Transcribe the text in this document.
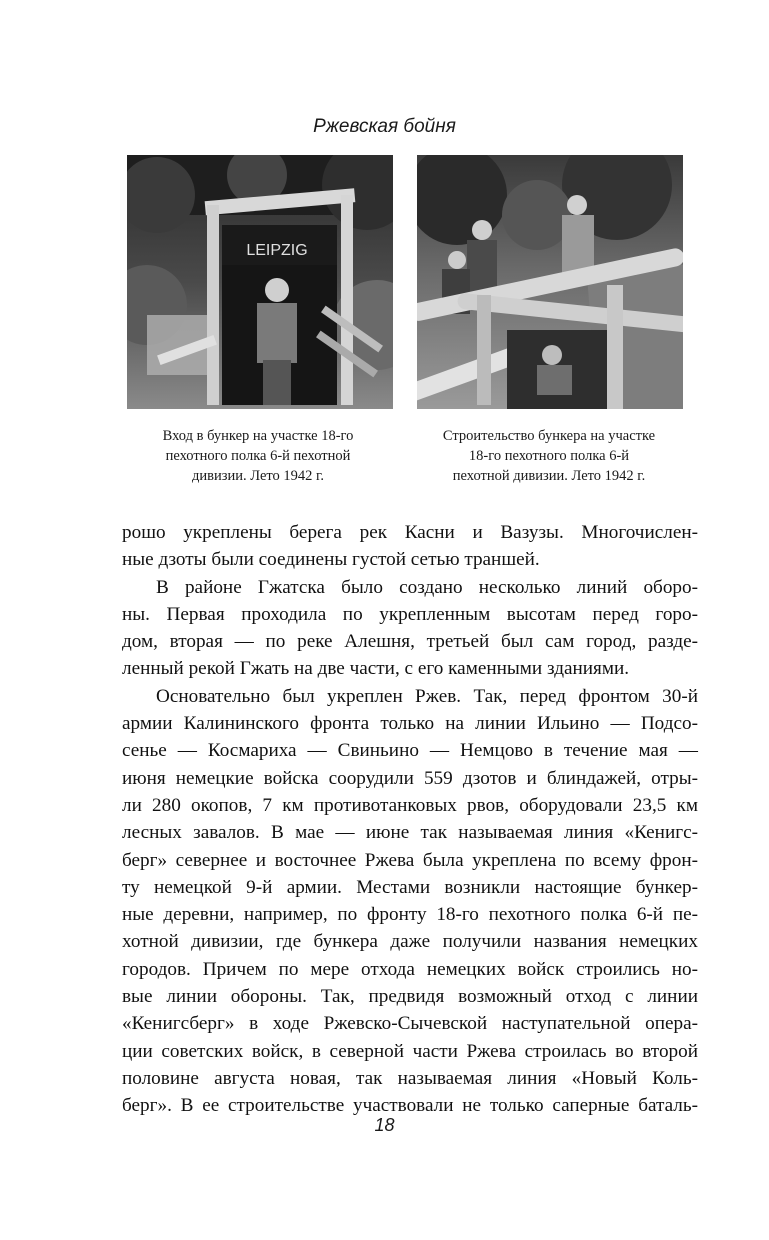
Ржевская бойня
LEIPZIG
Вход в бункер на участке 18-го
пехотного полка 6-й пехотной
дивизии. Лето 1942 г.
Строительство бункера на участке
18-го пехотного полка 6-й
пехотной дивизии. Лето 1942 г.
рошо укреплены берега рек Касни и Вазузы. Многочислен-
ные дзоты были соединены густой сетью траншей.
В районе Гжатска было создано несколько линий оборо-
ны. Первая проходила по укрепленным высотам перед горо-
дом, вторая — по реке Алешня, третьей был сам город, разде-
ленный рекой Гжать на две части, с его каменными зданиями.
Основательно был укреплен Ржев. Так, перед фронтом 30-й
армии Калининского фронта только на линии Ильино — Подсо-
сенье — Космариха — Свиньино — Немцово в течение мая —
июня немецкие войска соорудили 559 дзотов и блиндажей, отры-
ли 280 окопов, 7 км противотанковых рвов, оборудовали 23,5 км
лесных завалов. В мае — июне так называемая линия «Кенигс-
берг» севернее и восточнее Ржева была укреплена по всему фрон-
ту немецкой 9-й армии. Местами возникли настоящие бункер-
ные деревни, например, по фронту 18-го пехотного полка 6-й пе-
хотной дивизии, где бункера даже получили названия немецких
городов. Причем по мере отхода немецких войск строились но-
вые линии обороны. Так, предвидя возможный отход с линии
«Кенигсберг» в ходе Ржевско-Сычевской наступательной опера-
ции советских войск, в северной части Ржева строилась во второй
половине августа новая, так называемая линия «Новый Коль-
берг». В ее строительстве участвовали не только саперные баталь-
18
